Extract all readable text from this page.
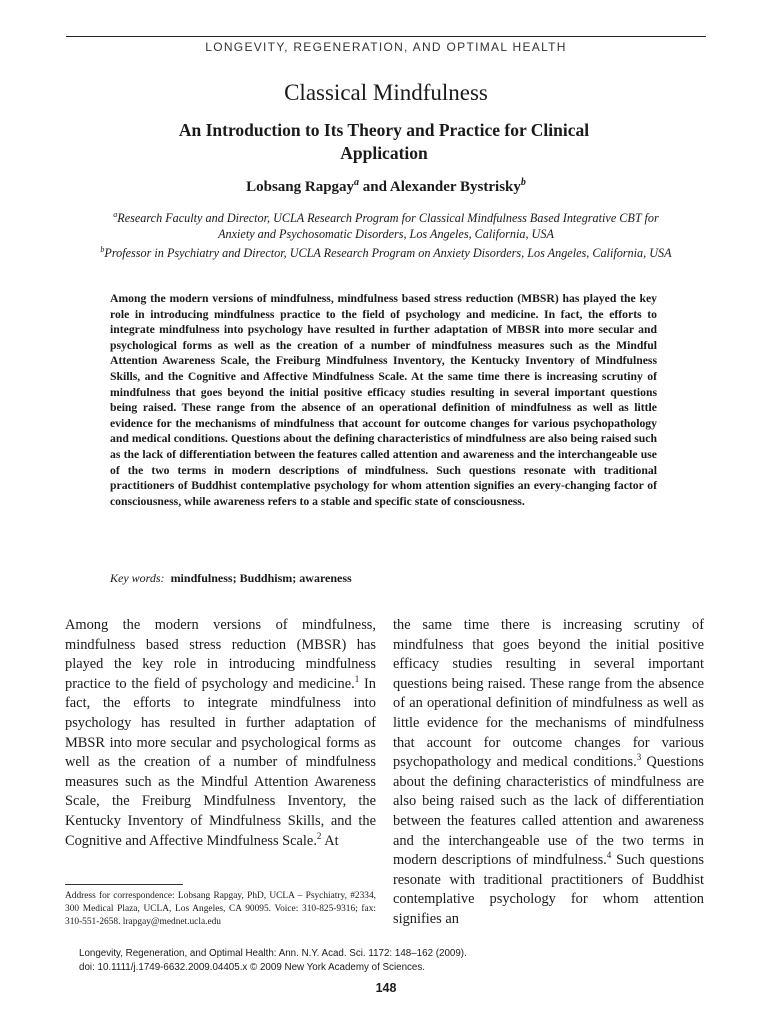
LONGEVITY, REGENERATION, AND OPTIMAL HEALTH
Classical Mindfulness
An Introduction to Its Theory and Practice for Clinical Application
Lobsang Rapgay$^a$ and Alexander Bystrisky$^b$
$^a$Research Faculty and Director, UCLA Research Program for Classical Mindfulness Based Integrative CBT for Anxiety and Psychosomatic Disorders, Los Angeles, California, USA
$^b$Professor in Psychiatry and Director, UCLA Research Program on Anxiety Disorders, Los Angeles, California, USA

Among the modern versions of mindfulness, mindfulness based stress reduction (MBSR) has played the key role in introducing mindfulness practice to the field of psychology and medicine. In fact, the efforts to integrate mindfulness into psychology have resulted in further adaptation of MBSR into more secular and psychological forms as well as the creation of a number of mindfulness measures such as the Mindful Attention Awareness Scale, the Freiburg Mindfulness Inventory, the Kentucky Inventory of Mindfulness Skills, and the Cognitive and Affective Mindfulness Scale. At the same time there is increasing scrutiny of mindfulness that goes beyond the initial positive efficacy studies resulting in several important questions being raised. These range from the absence of an operational definition of mindfulness as well as little evidence for the mechanisms of mindfulness that account for outcome changes for various psychopathology and medical conditions. Questions about the defining characteristics of mindfulness are also being raised such as the lack of differentiation between the features called attention and awareness and the interchangeable use of the two terms in modern descriptions of mindfulness. Such questions resonate with traditional practitioners of Buddhist contemplative psychology for whom attention signifies an every-changing factor of consciousness, while awareness refers to a stable and specific state of consciousness.

Key words: mindfulness; Buddhism; awareness

Among the modern versions of mindfulness, mindfulness based stress reduction (MBSR) has played the key role in introducing mindfulness practice to the field of psychology and medicine.$^1$ In fact, the efforts to integrate mindfulness into psychology has resulted in further adaptation of MBSR into more secular and psychological forms as well as the creation of a number of mindfulness measures such as the Mindful Attention Awareness Scale, the Freiburg Mindfulness Inventory, the Kentucky Inventory of Mindfulness Skills, and the Cognitive and Affective Mindfulness Scale.$^2$ At

the same time there is increasing scrutiny of mindfulness that goes beyond the initial positive efficacy studies resulting in several important questions being raised. These range from the absence of an operational definition of mindfulness as well as little evidence for the mechanisms of mindfulness that account for outcome changes for various psychopathology and medical conditions.$^3$ Questions about the defining characteristics of mindfulness are also being raised such as the lack of differentiation between the features called attention and awareness and the interchangeable use of the two terms in modern descriptions of mindfulness.$^4$ Such questions resonate with traditional practitioners of Buddhist contemplative psychology for whom attention signifies an

Address for correspondence: Lobsang Rapgay, PhD, UCLA – Psychiatry, #2334, 300 Medical Plaza, UCLA, Los Angeles, CA 90095. Voice: 310-825-9316; fax: 310-551-2658. lrapgay@mednet.ucla.edu

Longevity, Regeneration, and Optimal Health: Ann. N.Y. Acad. Sci. 1172: 148–162 (2009).
doi: 10.1111/j.1749-6632.2009.04405.x © 2009 New York Academy of Sciences.
148
